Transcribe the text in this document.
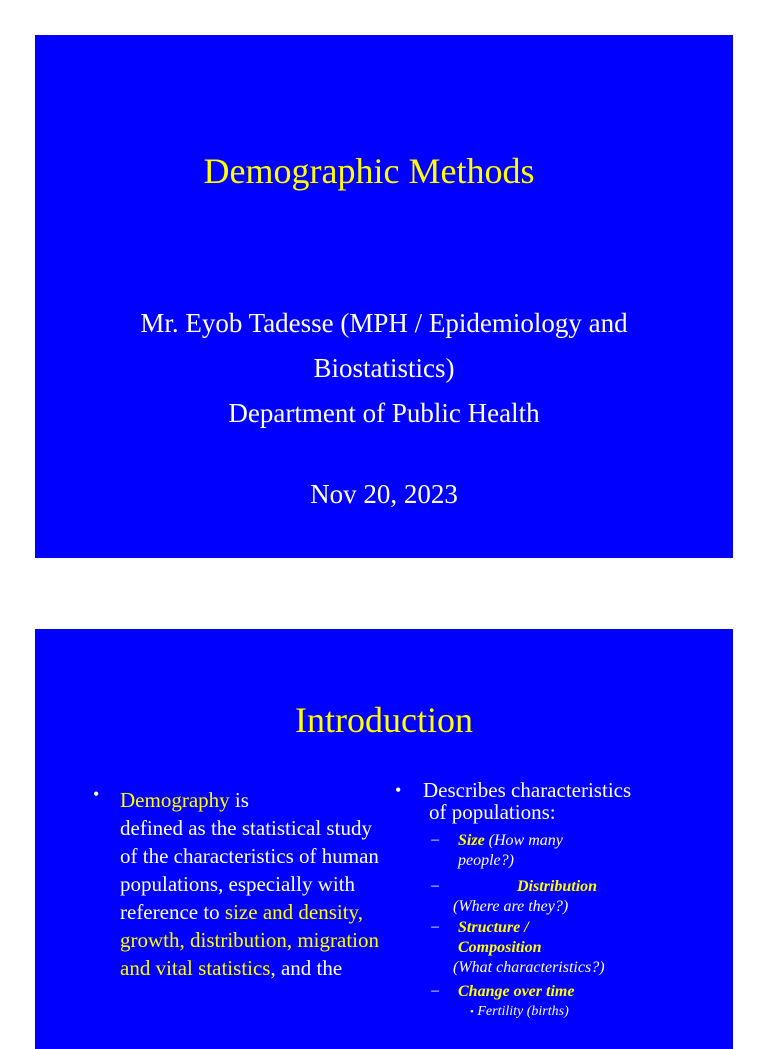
Demographic Methods
Mr. Eyob Tadesse (MPH / Epidemiology and
Biostatistics)
Department of Public Health
Nov 20, 2023
Introduction
• Demography is
defined as the statistical study of the characteristics of human populations, especially with reference to size and density, growth, distribution, migration and vital statistics, and the
• Describes characteristics
of populations:
– Size (How many
people?)
–	Distribution
(Where are they?)
– Structure /
Composition
(What characteristics?)
– Change over time
• Fertility (births)
